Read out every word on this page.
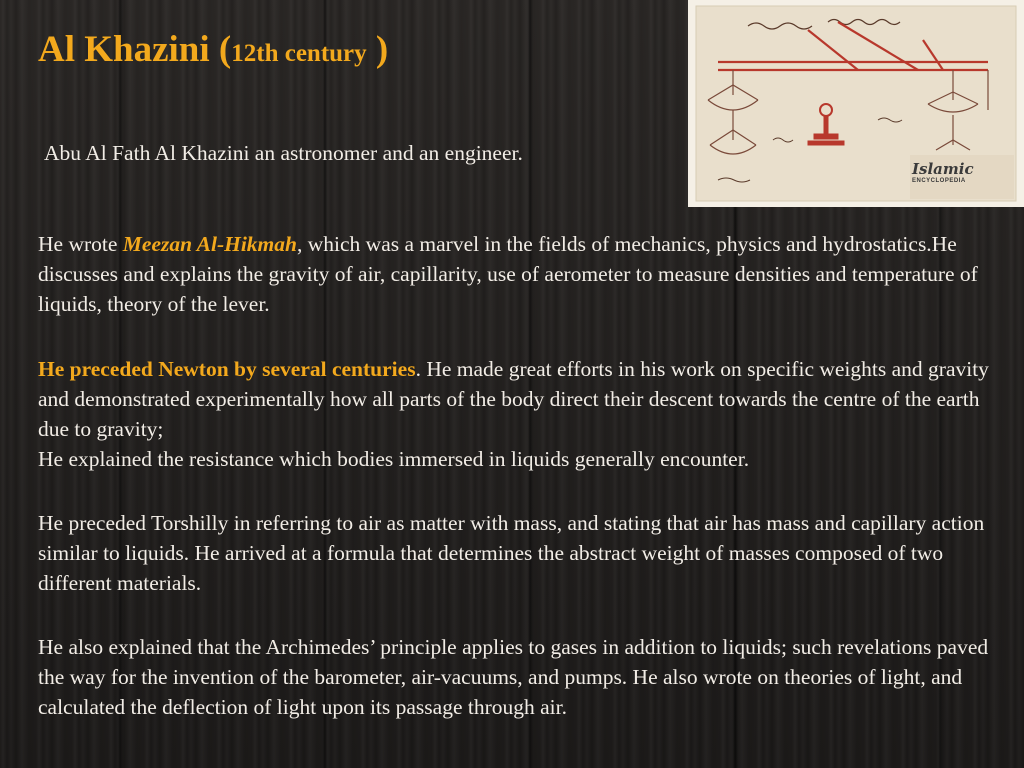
Al Khazini (12th century )

Abu Al Fath Al Khazini an astronomer and an engineer.

Islamic
ENCYCLOPEDIA

He wrote Meezan Al-Hikmah, which was a marvel in the fields of mechanics, physics and hydrostatics.He discusses and explains the gravity of air, capillarity, use of aerometer to measure densities and temperature of liquids, theory of the lever.

He preceded Newton by several centuries. He made great efforts in his work on specific weights and gravity and demonstrated experimentally how all parts of the body direct their descent towards the centre of the earth due to gravity;
He explained the resistance which bodies immersed in liquids generally encounter.

He preceded Torshilly in referring to air as matter with mass, and stating that air has mass and capillary action similar to liquids. He arrived at a formula that determines the abstract weight of masses composed of two different materials.

He also explained that the Archimedes’ principle applies to gases in addition to liquids; such revelations paved the way for the invention of the barometer, air-vacuums, and pumps. He also wrote on theories of light, and calculated the deflection of light upon its passage through air.
